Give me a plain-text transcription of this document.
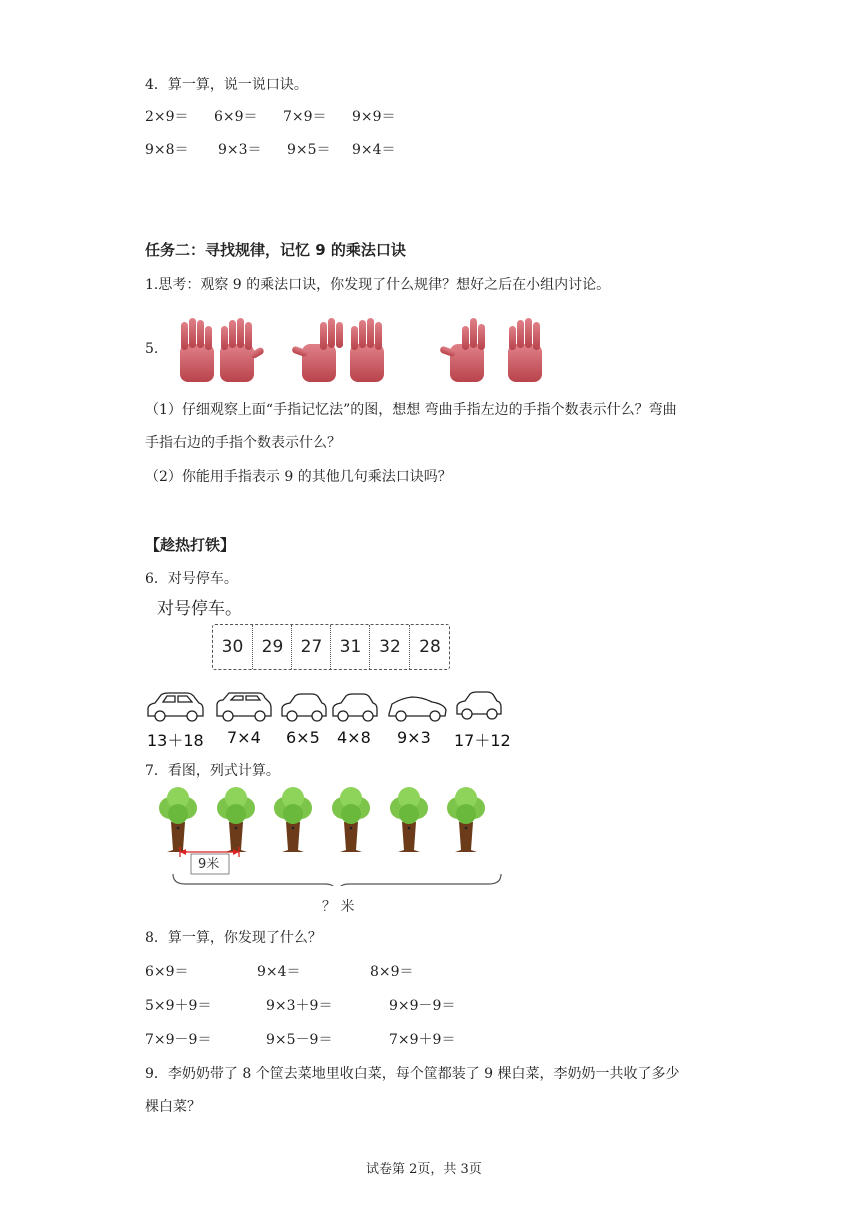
4．算一算，说一说口诀。
2×9＝ 6×9＝ 7×9＝ 9×9＝
9×8＝ 9×3＝ 9×5＝ 9×4＝
任务二：寻找规律，记忆 9 的乘法口诀
1.思考：观察 9 的乘法口诀，你发现了什么规律？想好之后在小组内讨论。
5.
（1）仔细观察上面“手指记忆法”的图，想想 弯曲手指左边的手指个数表示什么？弯曲
手指右边的手指个数表示什么？
（2）你能用手指表示 9 的其他几句乘法口诀吗？
【趁热打铁】
6．对号停车。
对号停车。
30	29	27	31	32	28
13＋18 7×4 6×5 4×8 9×3 17＋12
7．看图，列式计算。
9米
？ 米
8．算一算，你发现了什么？
6×9＝	9×4＝	8×9＝
5×9＋9＝	9×3＋9＝	9×9－9＝
7×9－9＝	9×5－9＝	7×9＋9＝
9．李奶奶带了 8 个筐去菜地里收白菜，每个筐都装了 9 棵白菜，李奶奶一共收了多少
棵白菜？
试卷第 2页，共 3页
